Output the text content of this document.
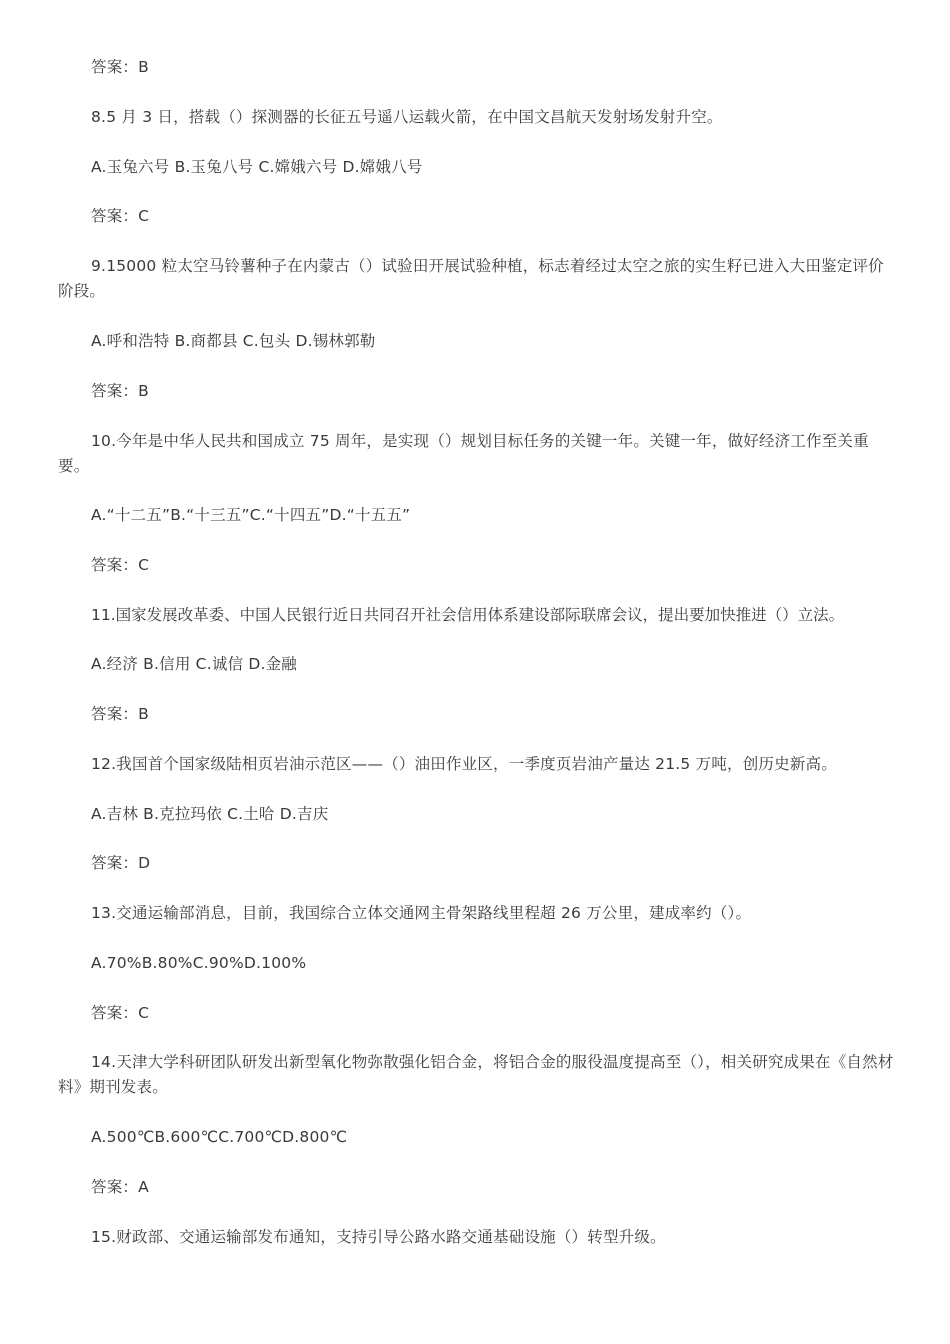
答案：B

8.5 月 3 日，搭载（）探测器的长征五号遥八运载火箭，在中国文昌航天发射场发射升空。

A.玉兔六号 B.玉兔八号 C.嫦娥六号 D.嫦娥八号

答案：C

9.15000 粒太空马铃薯种子在内蒙古（）试验田开展试验种植，标志着经过太空之旅的实生籽已进入大田鉴定评价阶段。

A.呼和浩特 B.商都县 C.包头 D.锡林郭勒

答案：B

10.今年是中华人民共和国成立 75 周年，是实现（）规划目标任务的关键一年。关键一年，做好经济工作至关重要。

A.“十二五”B.“十三五”C.“十四五”D.“十五五”

答案：C

11.国家发展改革委、中国人民银行近日共同召开社会信用体系建设部际联席会议，提出要加快推进（）立法。

A.经济 B.信用 C.诚信 D.金融

答案：B

12.我国首个国家级陆相页岩油示范区——（）油田作业区，一季度页岩油产量达 21.5 万吨，创历史新高。

A.吉林 B.克拉玛依 C.土哈 D.吉庆

答案：D

13.交通运输部消息，目前，我国综合立体交通网主骨架路线里程超 26 万公里，建成率约（）。

A.70%B.80%C.90%D.100%

答案：C

14.天津大学科研团队研发出新型氧化物弥散强化铝合金，将铝合金的服役温度提高至（），相关研究成果在《自然材料》期刊发表。

A.500℃B.600℃C.700℃D.800℃

答案：A

15.财政部、交通运输部发布通知，支持引导公路水路交通基础设施（）转型升级。
